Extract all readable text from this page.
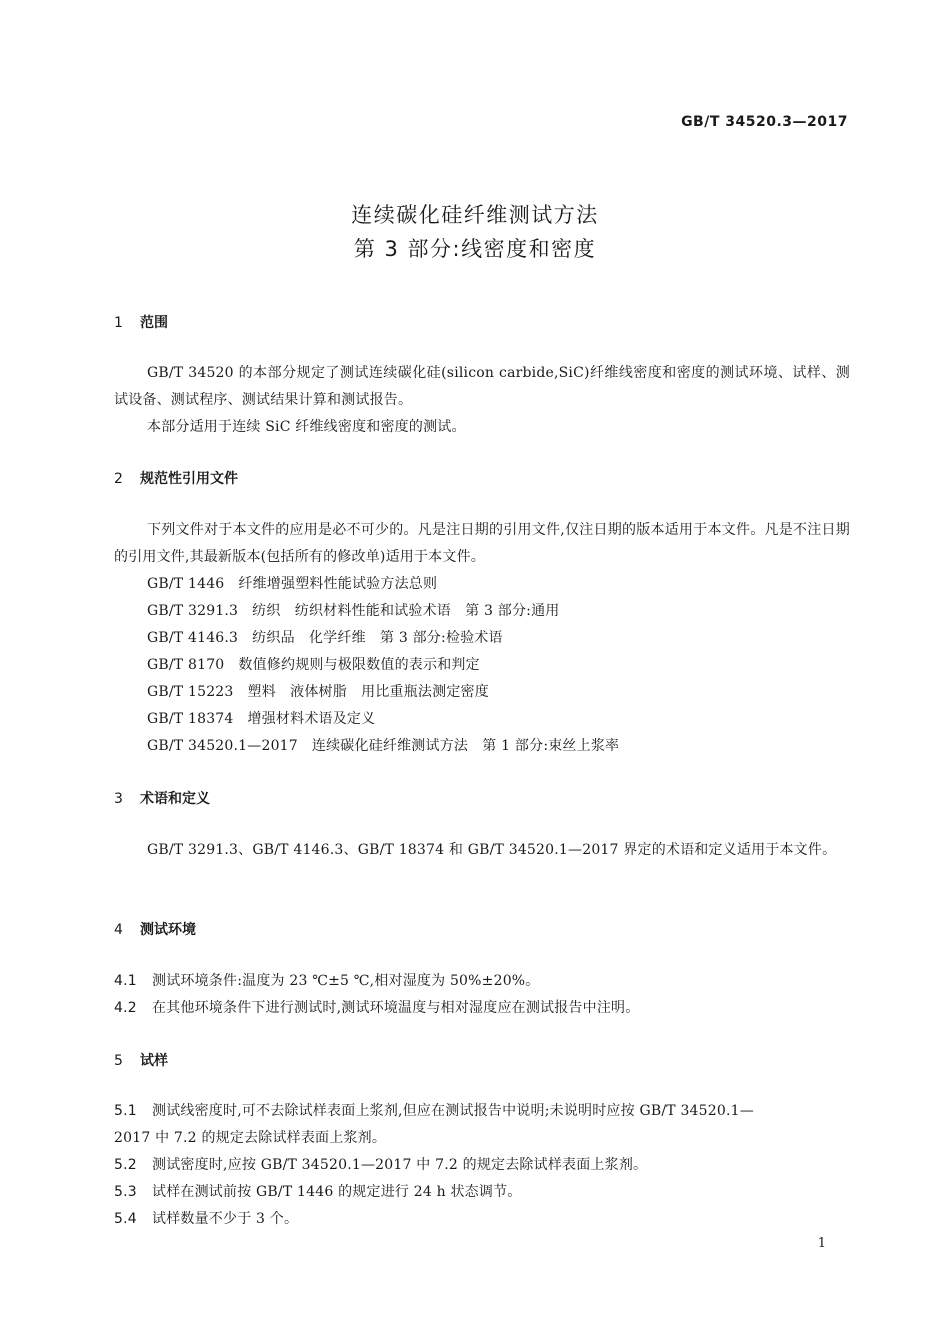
GB/T 34520.3—2017
连续碳化硅纤维测试方法
第 3 部分:线密度和密度
1 范围

GB/T 34520 的本部分规定了测试连续碳化硅(silicon carbide,SiC)纤维线密度和密度的测试环境、试样、测试设备、测试程序、测试结果计算和测试报告。

本部分适用于连续 SiC 纤维线密度和密度的测试。

2 规范性引用文件

下列文件对于本文件的应用是必不可少的。凡是注日期的引用文件,仅注日期的版本适用于本文件。凡是不注日期的引用文件,其最新版本(包括所有的修改单)适用于本文件。

GB/T 1446 纤维增强塑料性能试验方法总则
GB/T 3291.3 纺织　纺织材料性能和试验术语　第 3 部分:通用
GB/T 4146.3 纺织品　化学纤维　第 3 部分:检验术语
GB/T 8170 数值修约规则与极限数值的表示和判定
GB/T 15223 塑料　液体树脂　用比重瓶法测定密度
GB/T 18374 增强材料术语及定义
GB/T 34520.1—2017 连续碳化硅纤维测试方法　第 1 部分:束丝上浆率
3 术语和定义

GB/T 3291.3、GB/T 4146.3、GB/T 18374 和 GB/T 34520.1—2017 界定的术语和定义适用于本文件。

4 测试环境
4.1 测试环境条件:温度为 23 ℃±5 ℃,相对湿度为 50%±20%。
4.2 在其他环境条件下进行测试时,测试环境温度与相对湿度应在测试报告中注明。
5 试样
5.1 测试线密度时,可不去除试样表面上浆剂,但应在测试报告中说明;未说明时应按 GB/T 34520.1—
2017 中 7.2 的规定去除试样表面上浆剂。
5.2 测试密度时,应按 GB/T 34520.1—2017 中 7.2 的规定去除试样表面上浆剂。
5.3 试样在测试前按 GB/T 1446 的规定进行 24 h 状态调节。
5.4 试样数量不少于 3 个。
1
